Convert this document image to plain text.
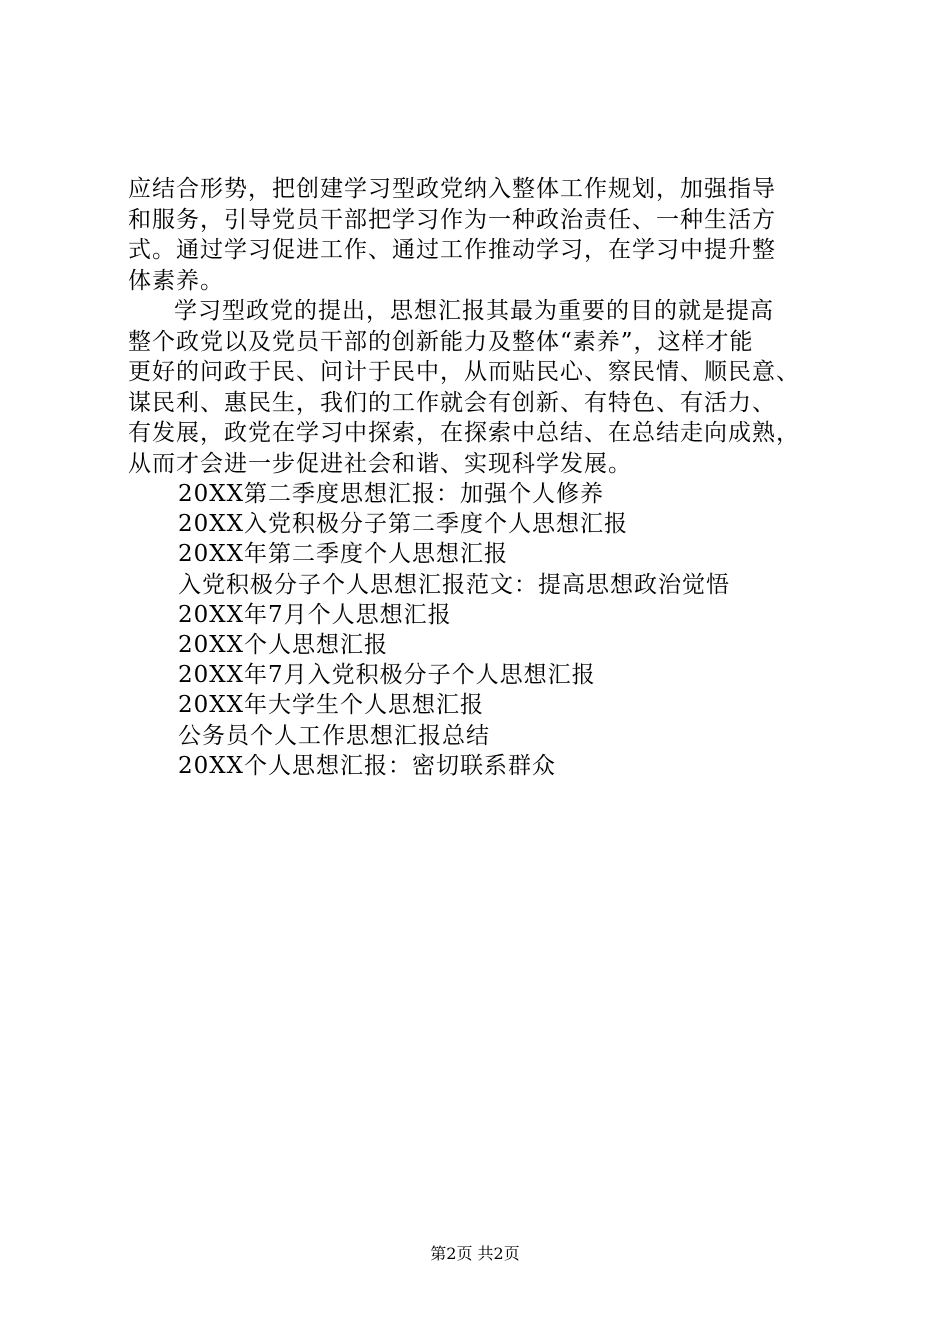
应结合形势，把创建学习型政党纳入整体工作规划，加强指导
和服务，引导党员干部把学习作为一种政治责任、一种生活方
式。通过学习促进工作、通过工作推动学习，在学习中提升整
体素养。

学习型政党的提出，思想汇报其最为重要的目的就是提高
整个政党以及党员干部的创新能力及整体“素养”，这样才能
更好的问政于民、问计于民中，从而贴民心、察民情、顺民意、
谋民利、惠民生，我们的工作就会有创新、有特色、有活力、
有发展，政党在学习中探索，在探索中总结、在总结走向成熟，
从而才会进一步促进社会和谐、实现科学发展。

20XX第二季度思想汇报：加强个人修养
20XX入党积极分子第二季度个人思想汇报
20XX年第二季度个人思想汇报
入党积极分子个人思想汇报范文：提高思想政治觉悟
20XX年7月个人思想汇报
20XX个人思想汇报
20XX年7月入党积极分子个人思想汇报
20XX年大学生个人思想汇报
公务员个人工作思想汇报总结
20XX个人思想汇报：密切联系群众
第2页 共2页
